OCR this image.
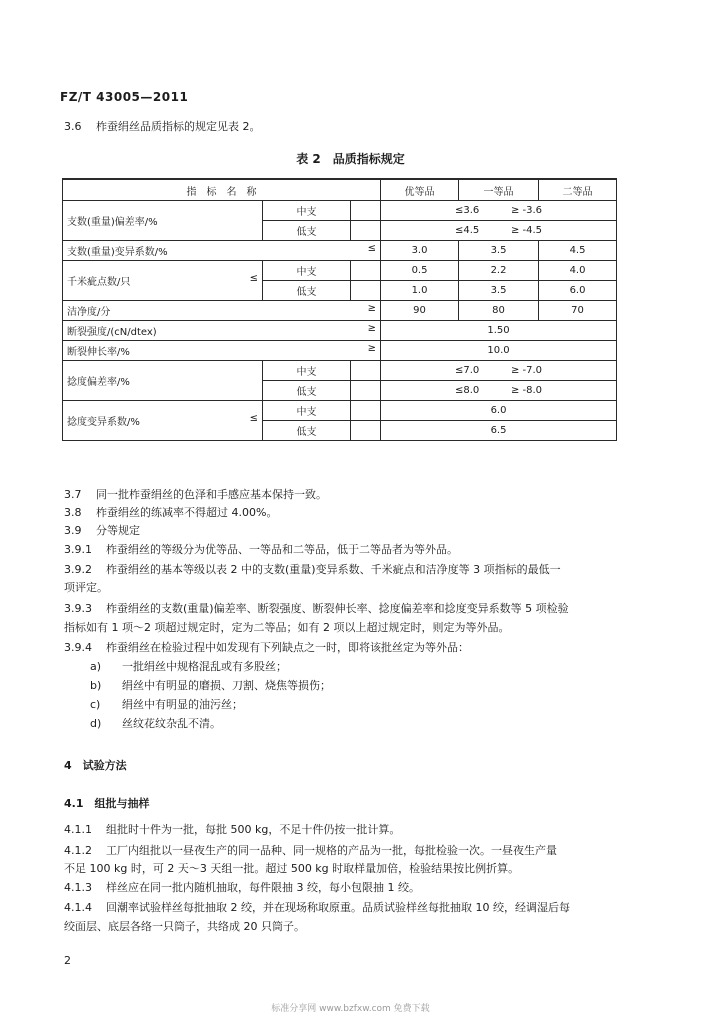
FZ/T 43005—2011
3.6 柞蚕绢丝品质指标的规定见表 2。
表 2　品质指标规定
指　标　名　称			优等品	一等品	二等品
支数(重量)偏差率/%	中支		≤3.6 ≥ -3.6		
	低支		≤4.5 ≥ -4.5		

支数(重量)变异系数/% ≤			3.0	3.5	4.5

千米疵点数/只 ≤	中支		0.5	2.2	4.0
	低支		1.0	3.5	6.0

洁净度/分 ≥			90	80	70

断裂强度/(cN/dtex) ≥			1.50		

断裂伸长率/% ≥			10.0		
捻度偏差率/%	中支		≤7.0 ≥ -7.0		
	低支		≤8.0 ≥ -8.0		

捻度变异系数/% ≤	中支		6.0		
	低支		6.5		
3.7 同一批柞蚕绢丝的色泽和手感应基本保持一致。
3.8 柞蚕绢丝的练减率不得超过 4.00%。
3.9 分等规定
3.9.1 柞蚕绢丝的等级分为优等品、一等品和二等品，低于二等品者为等外品。
3.9.2 柞蚕绢丝的基本等级以表 2 中的支数(重量)变异系数、千米疵点和洁净度等 3 项指标的最低一
项评定。
3.9.3 柞蚕绢丝的支数(重量)偏差率、断裂强度、断裂伸长率、捻度偏差率和捻度变异系数等 5 项检验
指标如有 1 项～2 项超过规定时，定为二等品；如有 2 项以上超过规定时，则定为等外品。
3.9.4 柞蚕绢丝在检验过程中如发现有下列缺点之一时，即将该批丝定为等外品：
a) 一批绢丝中规格混乱或有多股丝；
b) 绢丝中有明显的磨损、刀割、烧焦等损伤；
c) 绢丝中有明显的油污丝；
d) 丝纹花纹杂乱不清。
4　试验方法
4.1　组批与抽样
4.1.1 组批时十件为一批，每批 500 kg，不足十件仍按一批计算。
4.1.2 工厂内组批以一昼夜生产的同一品种、同一规格的产品为一批，每批检验一次。一昼夜生产量
不足 100 kg 时，可 2 天～3 天组一批。超过 500 kg 时取样量加倍，检验结果按比例折算。
4.1.3 样丝应在同一批内随机抽取，每件限抽 3 绞，每小包限抽 1 绞。
4.1.4 回潮率试验样丝每批抽取 2 绞，并在现场称取原重。品质试验样丝每批抽取 10 绞，经调湿后每
绞面层、底层各络一只筒子，共络成 20 只筒子。
2
标准分享网 www.bzfxw.com 免费下载
